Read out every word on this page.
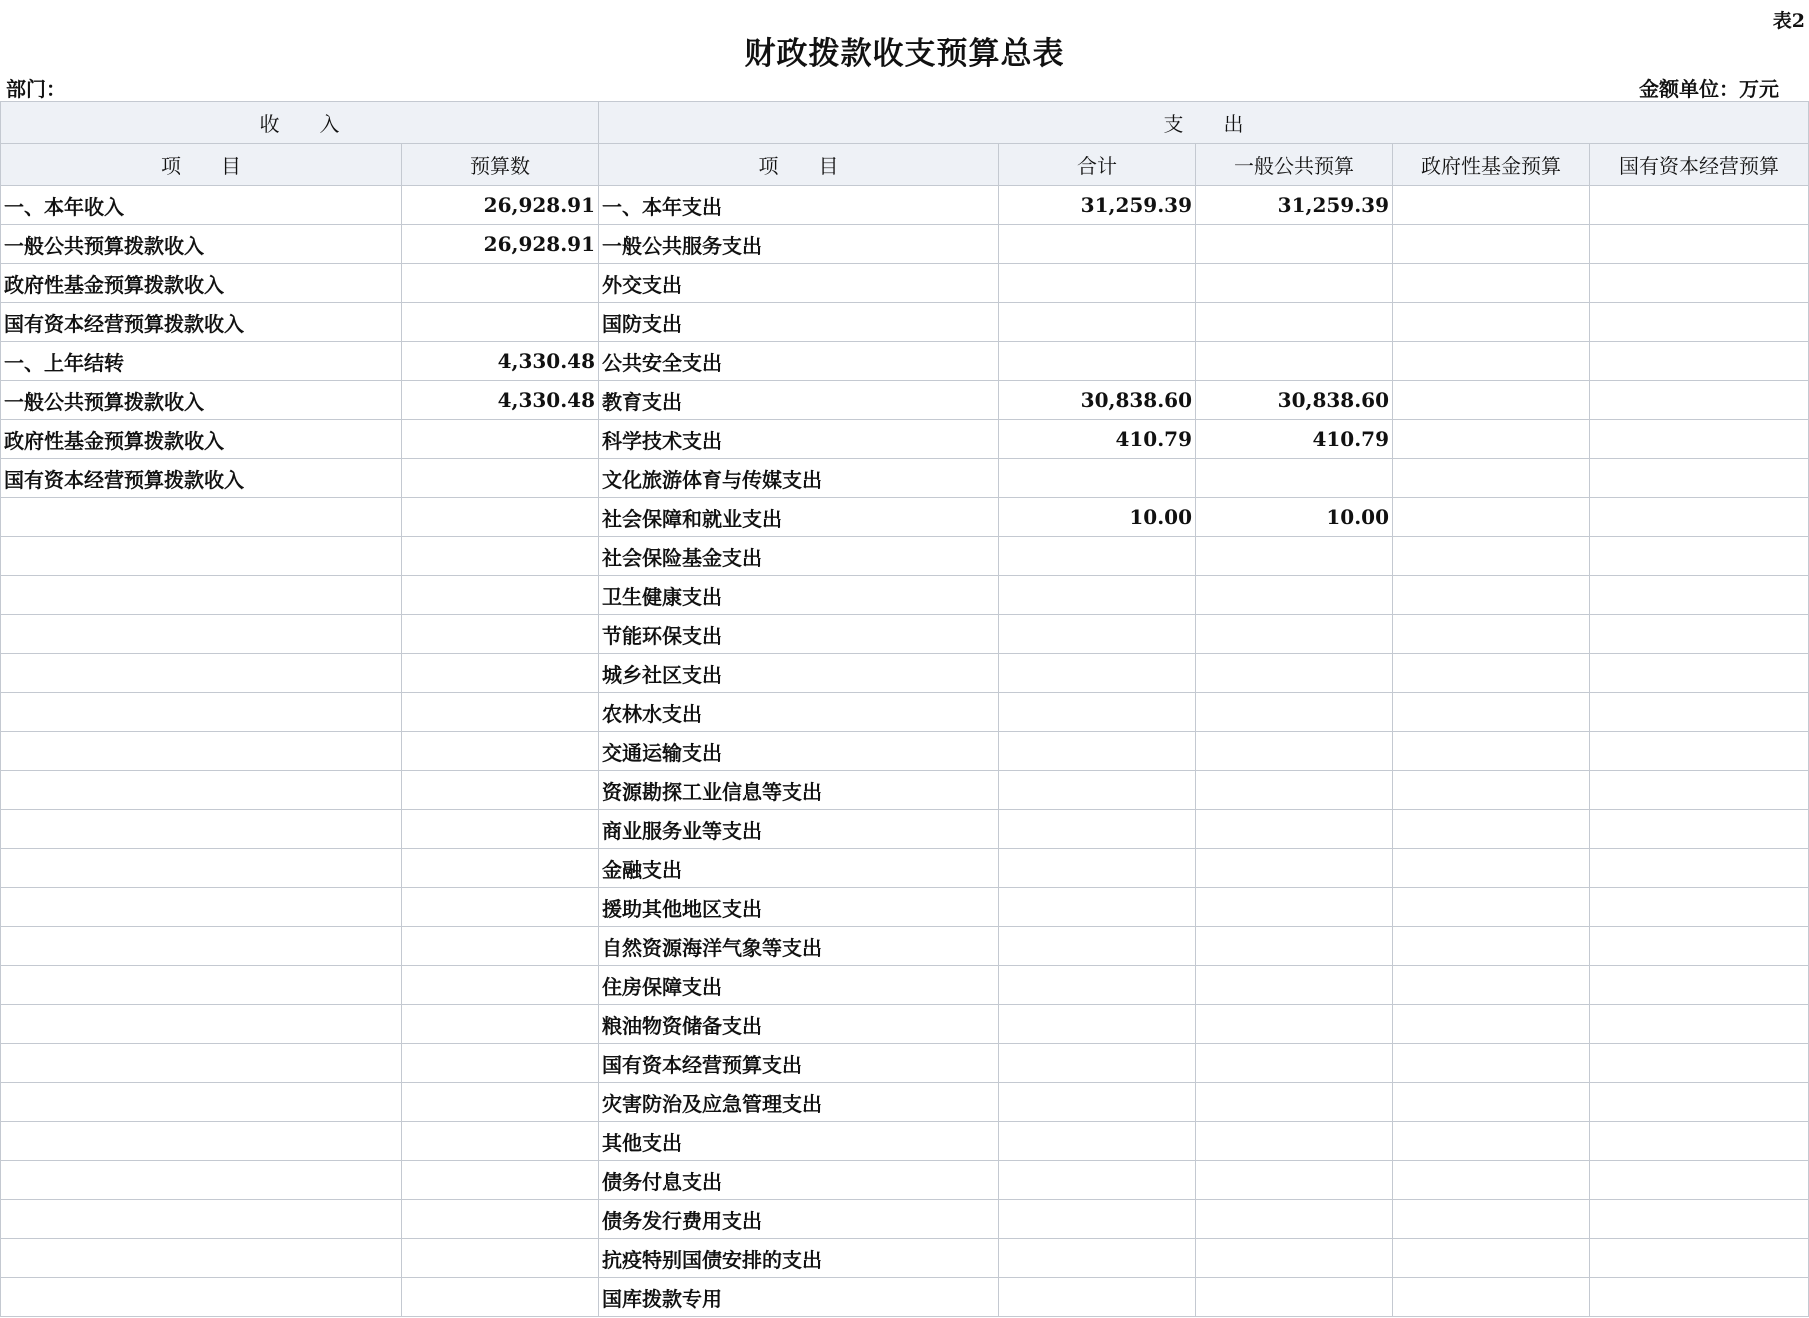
表2
财政拨款收支预算总表
部门：	金额单位：万元
收　　入		支　　出				
项　　目	预算数	项　　目	合计	一般公共预算	政府性基金预算	国有资本经营预算
一、本年收入	26,928.91	一、本年支出	31,259.39	31,259.39		
一般公共预算拨款收入	26,928.91	一般公共服务支出				
政府性基金预算拨款收入		外交支出				
国有资本经营预算拨款收入		国防支出				
一、上年结转	4,330.48	公共安全支出				
一般公共预算拨款收入	4,330.48	教育支出	30,838.60	30,838.60		
政府性基金预算拨款收入		科学技术支出	410.79	410.79		
国有资本经营预算拨款收入		文化旅游体育与传媒支出				
		社会保障和就业支出	10.00	10.00		
		社会保险基金支出				
		卫生健康支出				
		节能环保支出				
		城乡社区支出				
		农林水支出				
		交通运输支出				
		资源勘探工业信息等支出				
		商业服务业等支出				
		金融支出				
		援助其他地区支出				
		自然资源海洋气象等支出				
		住房保障支出				
		粮油物资储备支出				
		国有资本经营预算支出				
		灾害防治及应急管理支出				
		其他支出				
		债务付息支出				
		债务发行费用支出				
		抗疫特别国债安排的支出				
		国库拨款专用				
